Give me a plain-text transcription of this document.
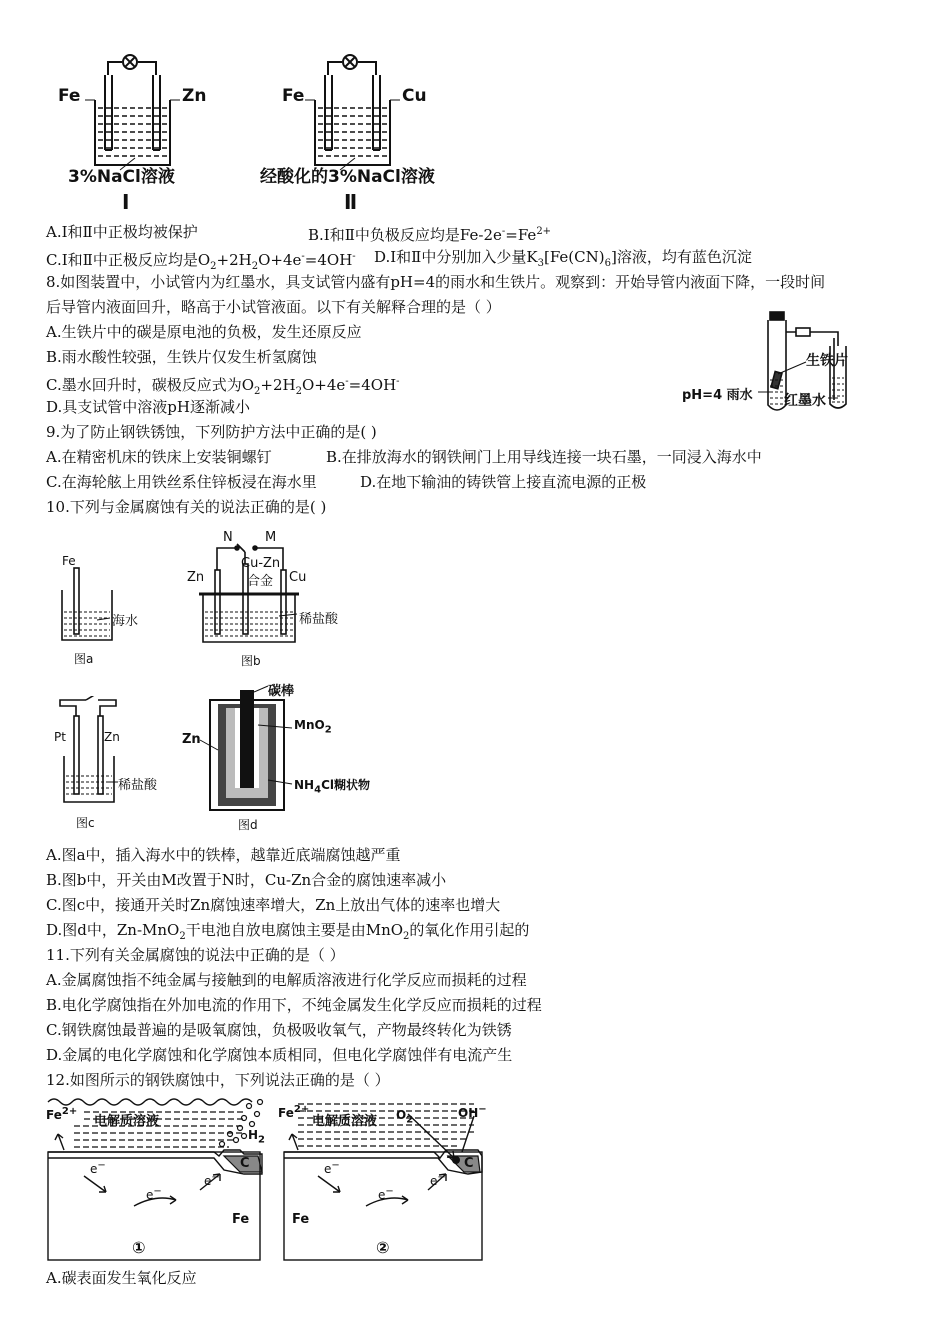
Fe	Zn
3%NaCl溶液
Ⅰ
Fe	Cu
经酸化的3%NaCl溶液
Ⅱ
A.Ⅰ和Ⅱ中正极均被保护	B.Ⅰ和Ⅱ中负极反应均是$Fe-2e^-=Fe^{2+}$
C.Ⅰ和Ⅱ中正极反应均是$O_2+2H_2O+4e^-=4OH^-$ D.Ⅰ和Ⅱ中分别加入少量$K_3[Fe(CN)_6]$溶液，均有蓝色沉淀
8.如图装置中，小试管内为红墨水，具支试管内盛有pH=4的雨水和生铁片。观察到：开始导管内液面下降，一段时间
后导管内液面回升，略高于小试管液面。以下有关解释合理的是（ ）
A.生铁片中的碳是原电池的负极，发生还原反应
B.雨水酸性较强，生铁片仅发生析氢腐蚀
C.墨水回升时，碳极反应式为$O_2+2H_2O+4e^-=4OH^-$
D.具支试管中溶液pH逐渐减小
生铁片
pH=4 雨水 红墨水
9.为了防止钢铁锈蚀，下列防护方法中正确的是( )
A.在精密机床的铁床上安装铜螺钉	B.在排放海水的钢铁闸门上用导线连接一块石墨，一同浸入海水中
C.在海轮舷上用铁丝系住锌板浸在海水里	D.在地下输油的铸铁管上接直流电源的正极
10.下列与金属腐蚀有关的说法正确的是( )
Fe
海水
图a
N M
Cu-Zn
合金
Zn	Cu
稀盐酸
图b
Pt	Zn
稀盐酸
图c
碳棒
Zn
MnO$_2$
$NH_4Cl$糊状物
图d
A.图a中，插入海水中的铁棒，越靠近底端腐蚀越严重
B.图b中，开关由M改置于N时，Cu-Zn合金的腐蚀速率减小
C.图c中，接通开关时Zn腐蚀速率增大，Zn上放出气体的速率也增大
D.图d中，Zn-MnO$_2$干电池自放电腐蚀主要是由MnO$_2$的氧化作用引起的
11.下列有关金属腐蚀的说法中正确的是（ ）
A.金属腐蚀指不纯金属与接触到的电解质溶液进行化学反应而损耗的过程
B.电化学腐蚀指在外加电流的作用下，不纯金属发生化学反应而损耗的过程
C.钢铁腐蚀最普遍的是吸氧腐蚀，负极吸收氧气，产物最终转化为铁锈
D.金属的电化学腐蚀和化学腐蚀本质相同，但电化学腐蚀伴有电流产生
12.如图所示的钢铁腐蚀中，下列说法正确的是（ ）
$Fe^{2+}$
电解质溶液
$H_2$
C
e−
e−
e−
Fe
①
$Fe^{2+}$
电解质溶液 $O_2$	OH−
C
e−
e−
e−
Fe
②
A.碳表面发生氧化反应
